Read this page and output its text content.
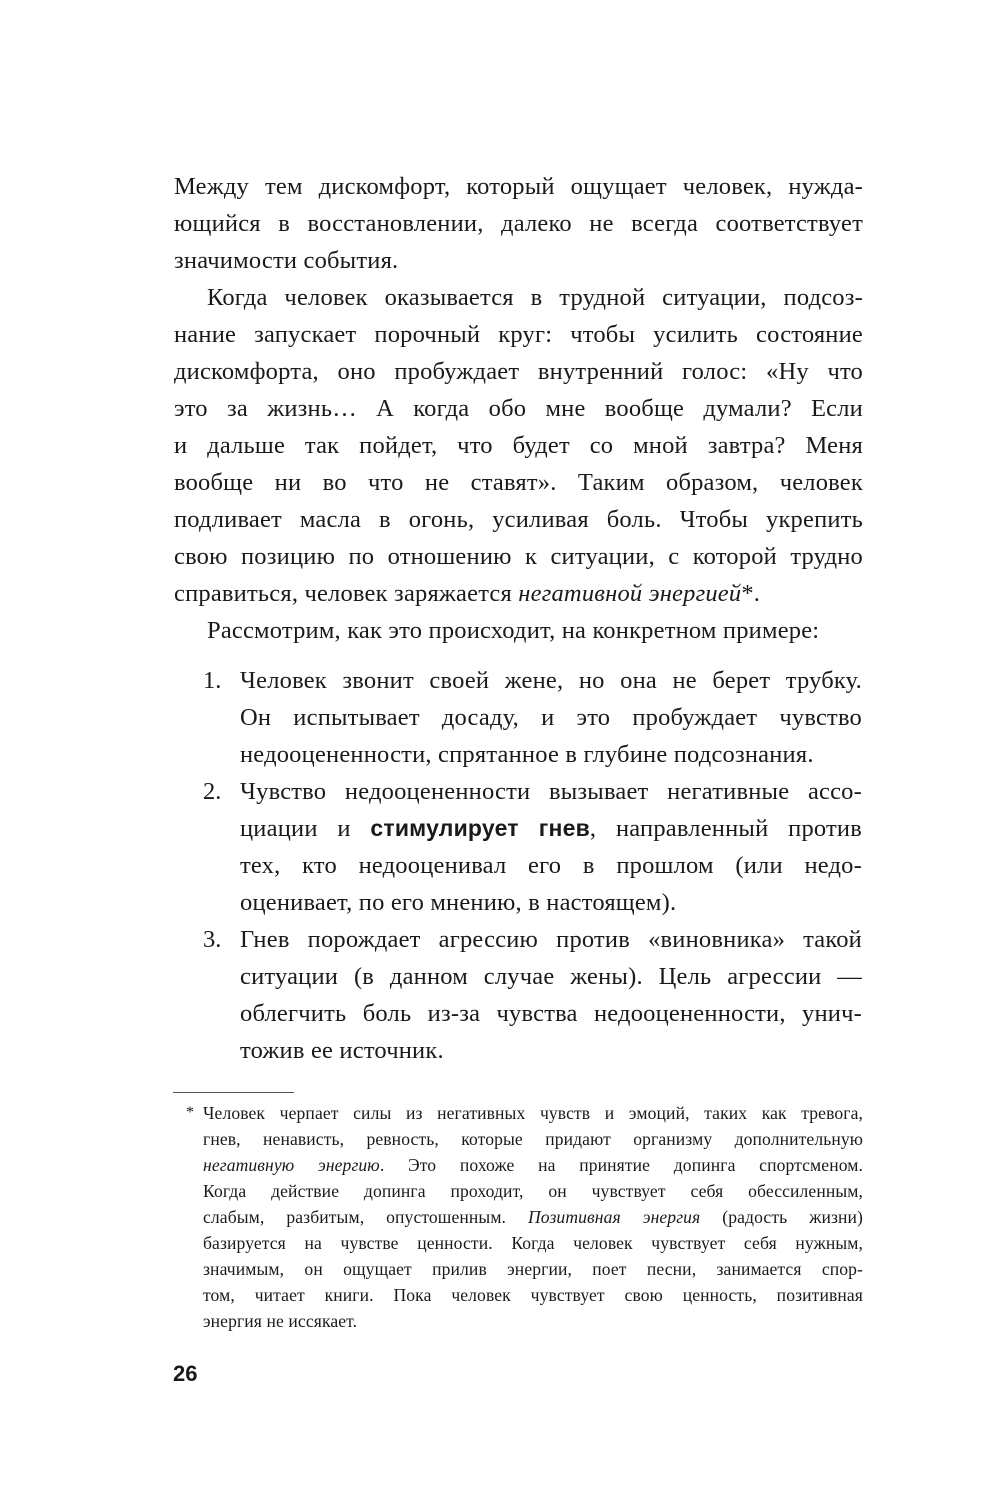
Между тем дискомфорт, который ощущает человек, нужда-
ющийся в восстановлении, далеко не всегда соответствует
значимости события.
Когда человек оказывается в трудной ситуации, подсоз-
нание запускает порочный круг: чтобы усилить состояние
дискомфорта, оно пробуждает внутренний голос: «Ну что
это за жизнь… А когда обо мне вообще думали? Если
и дальше так пойдет, что будет со мной завтра? Меня
вообще ни во что не ставят». Таким образом, человек
подливает масла в огонь, усиливая боль. Чтобы укрепить
свою позицию по отношению к ситуации, с которой трудно
справиться, человек заряжается негативной энергией*.
Рассмотрим, как это происходит, на конкретном примере:
1. Человек звонит своей жене, но она не берет трубку.
Он испытывает досаду, и это пробуждает чувство
недооцененности, спрятанное в глубине подсознания.
2. Чувство недооцененности вызывает негативные ассо-
циации и стимулирует гнев, направленный против
тех, кто недооценивал его в прошлом (или недо-
оценивает, по его мнению, в настоящем).
3. Гнев порождает агрессию против «виновника» такой
ситуации (в данном случае жены). Цель агрессии —
облегчить боль из-за чувства недооцененности, унич-
тожив ее источник.
* Человек черпает силы из негативных чувств и эмоций, таких как тревога,
гнев, ненависть, ревность, которые придают организму дополнительную
негативную энергию. Это похоже на принятие допинга спортсменом.
Когда действие допинга проходит, он чувствует себя обессиленным,
слабым, разбитым, опустошенным. Позитивная энергия (радость жизни)
базируется на чувстве ценности. Когда человек чувствует себя нужным,
значимым, он ощущает прилив энергии, поет песни, занимается спор-
том, читает книги. Пока человек чувствует свою ценность, позитивная
энергия не иссякает.
26
